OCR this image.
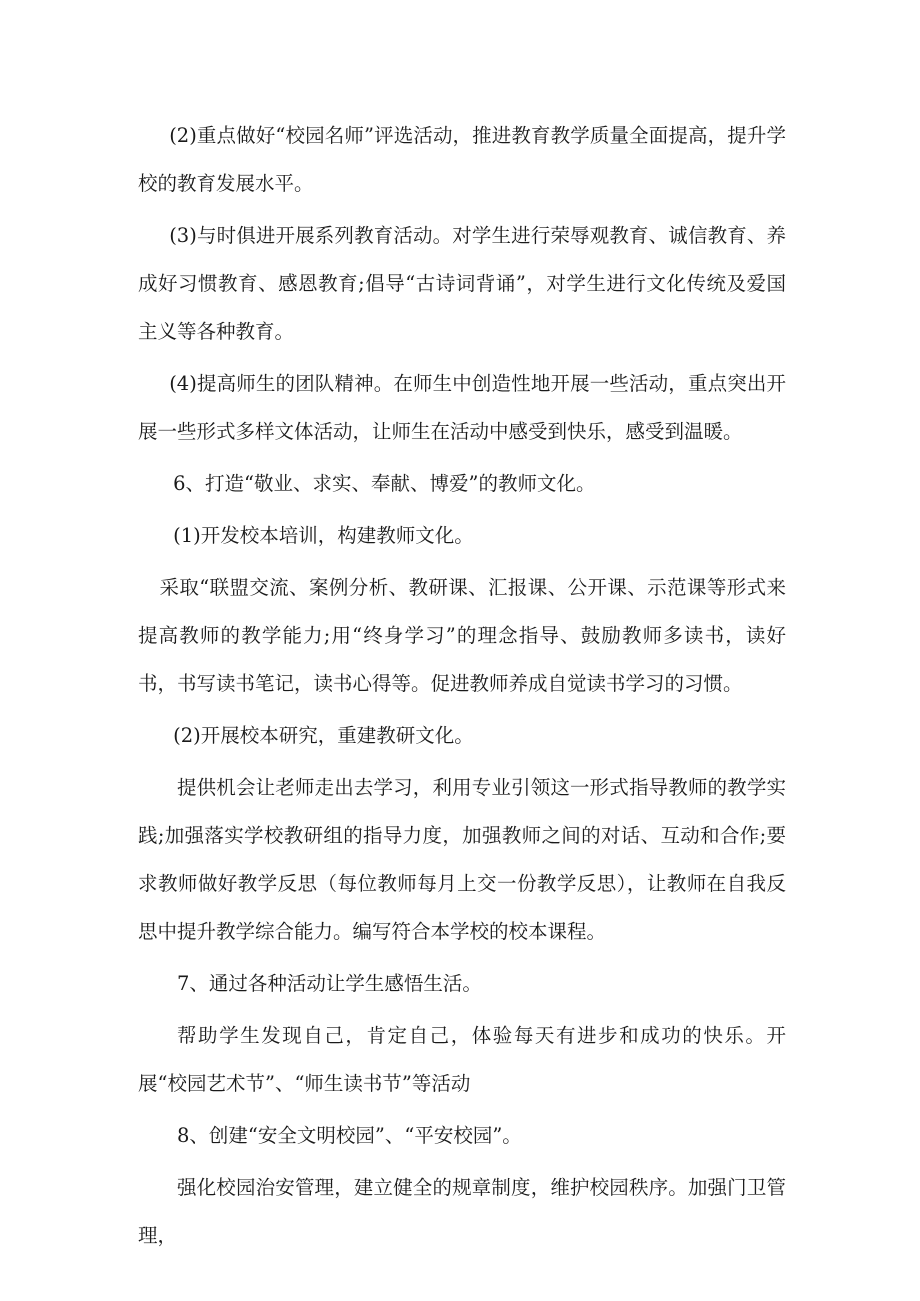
(2)重点做好“校园名师”评选活动，推进教育教学质量全面提高，提升学校的教育发展水平。

(3)与时俱进开展系列教育活动。对学生进行荣辱观教育、诚信教育、养成好习惯教育、感恩教育;倡导“古诗词背诵”，对学生进行文化传统及爱国主义等各种教育。

(4)提高师生的团队精神。在师生中创造性地开展一些活动，重点突出开展一些形式多样文体活动，让师生在活动中感受到快乐，感受到温暖。

6、打造“敬业、求实、奉献、博爱”的教师文化。

(1)开发校本培训，构建教师文化。

采取“联盟交流、案例分析、教研课、汇报课、公开课、示范课等形式来提高教师的教学能力;用“终身学习”的理念指导、鼓励教师多读书，读好书，书写读书笔记，读书心得等。促进教师养成自觉读书学习的习惯。

(2)开展校本研究，重建教研文化。

提供机会让老师走出去学习，利用专业引领这一形式指导教师的教学实践;加强落实学校教研组的指导力度，加强教师之间的对话、互动和合作;要求教师做好教学反思（每位教师每月上交一份教学反思），让教师在自我反思中提升教学综合能力。编写符合本学校的校本课程。

7、通过各种活动让学生感悟生活。

帮助学生发现自己，肯定自己，体验每天有进步和成功的快乐。开展“校园艺术节”、“师生读书节”等活动

8、创建“安全文明校园”、“平安校园”。

强化校园治安管理，建立健全的规章制度，维护校园秩序。加强门卫管理，
